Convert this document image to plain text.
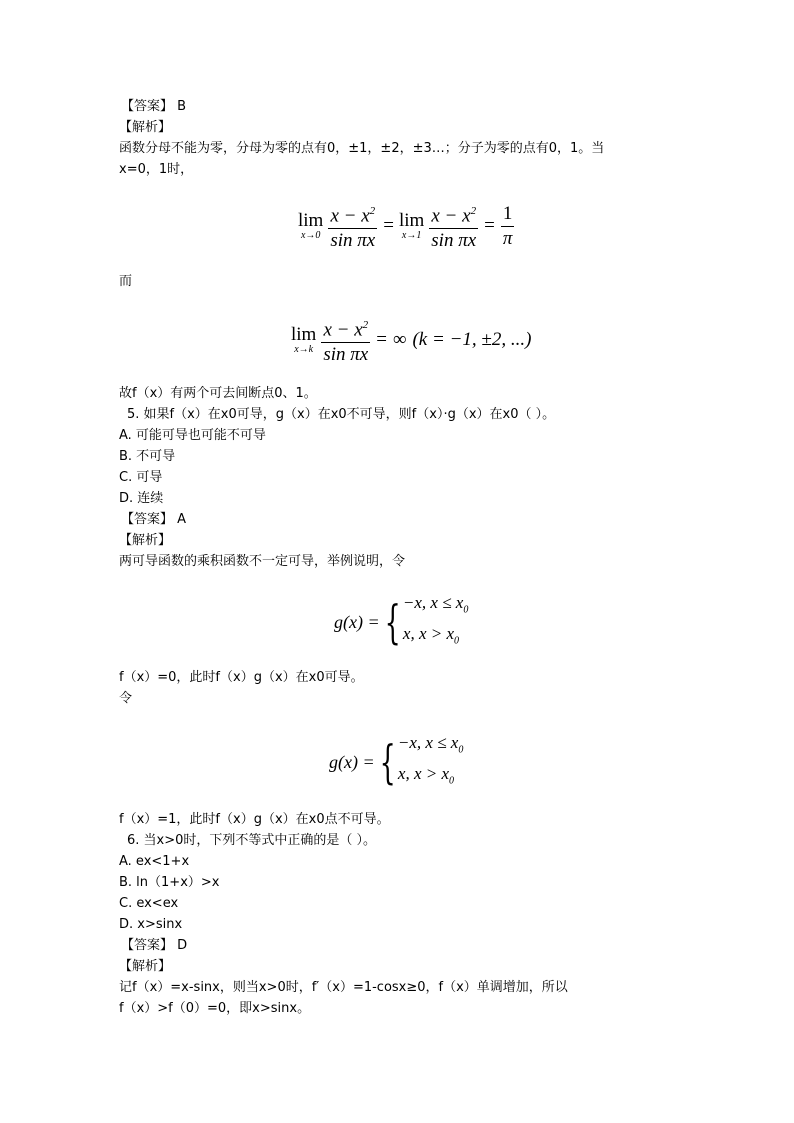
【答案】 B
【解析】
函数分母不能为零，分母为零的点有0，±1，±2，±3…；分子为零的点有0，1。当
x=0，1时，
lim
$x\to 0 \frac{x - x^2}{\text{sin πx}} = \lim$
$x\to 1 \frac{x - x^2}{\text{sin πx}} = \frac{1}{\pi}$
而
lim
$x\to k \frac{x - x^2}{\text{sin πx}}$ = ∞ (k = −1, ±2, ...)
故f（x）有两个可去间断点0、1。
5. 如果f（x）在x0可导，g（x）在x0不可导，则f（x）·g（x）在x0（ ）。
A. 可能可导也可能不可导
B. 不可导
C. 可导
D. 连续
【答案】 A
【解析】
两可导函数的乘积函数不一定可导，举例说明，令
g(x) = { −x, $x \le x_0$
x, $x > x_0$
f（x）=0，此时f（x）g（x）在x0可导。
令
g(x) = { −x, $x \le x_0$
x, $x > x_0$
f（x）=1，此时f（x）g（x）在x0点不可导。
6. 当x>0时，下列不等式中正确的是（ ）。
A. ex<1+x
B. ln（1+x）>x
C. ex<ex
D. x>sinx
【答案】 D
【解析】
记f（x）=x-sinx，则当x>0时，f′（x）=1-cosx≥0，f（x）单调增加，所以
f（x）>f（0）=0，即x>sinx。
